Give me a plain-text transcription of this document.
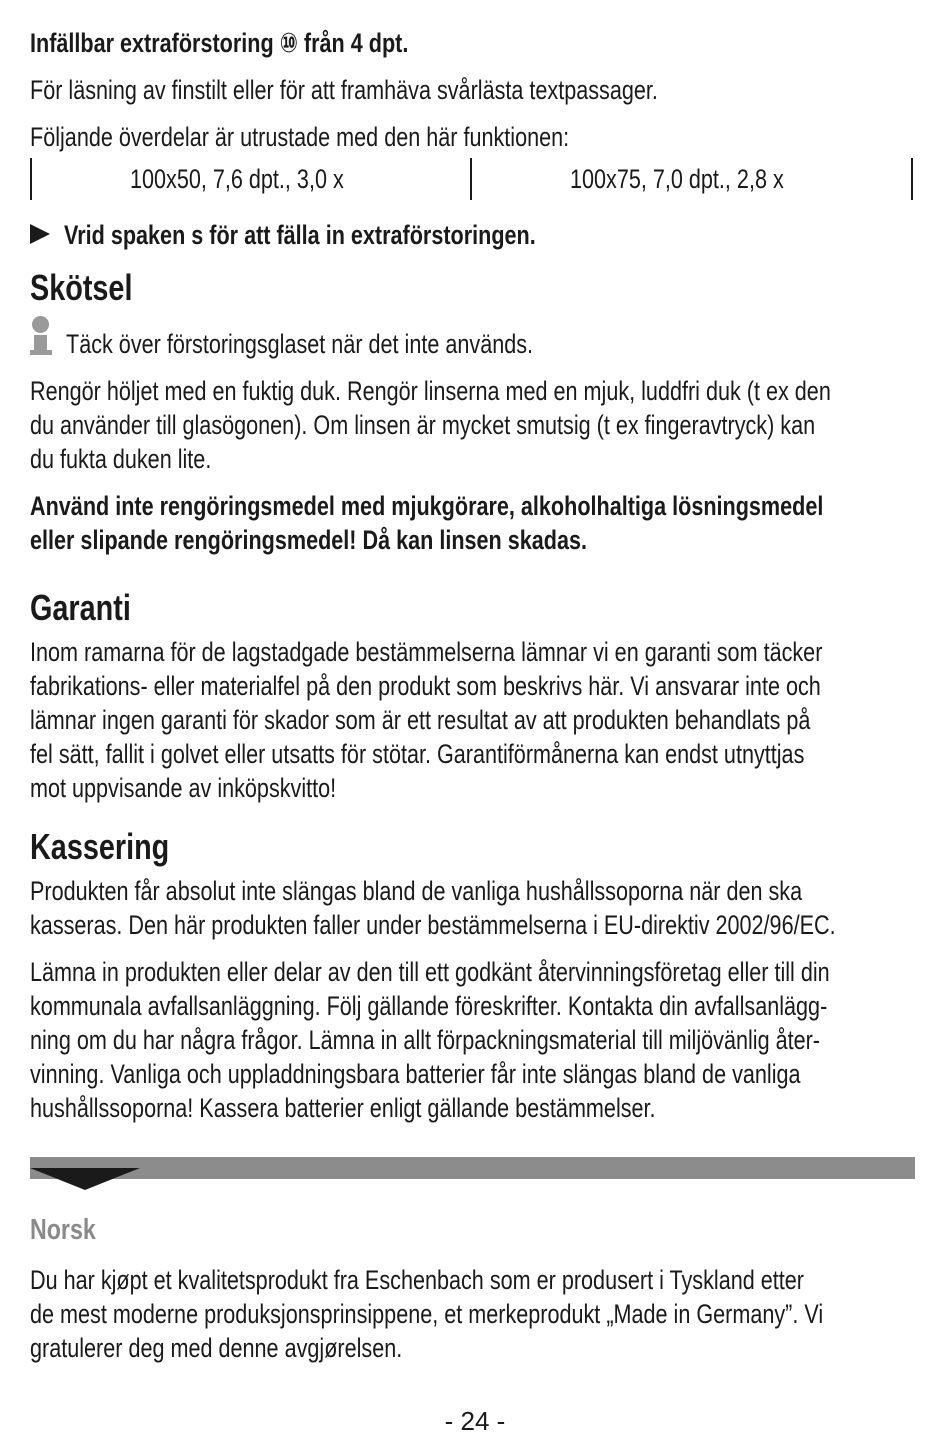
Infällbar extraförstoring ⑩ från 4 dpt.
För läsning av finstilt eller för att framhäva svårlästa textpassager.
Följande överdelar är utrustade med den här funktionen:
100x50, 7,6 dpt., 3,0 x	100x75, 7,0 dpt., 2,8 x
Vrid spaken s för att fälla in extraförstoringen.
Skötsel
Täck över förstoringsglaset när det inte används.
Rengör höljet med en fuktig duk. Rengör linserna med en mjuk, luddfri duk (t ex den
du använder till glasögonen). Om linsen är mycket smutsig (t ex fingeravtryck) kan
du fukta duken lite.
Använd inte rengöringsmedel med mjukgörare, alkoholhaltiga lösningsmedel
eller slipande rengöringsmedel! Då kan linsen skadas.
Garanti
Inom ramarna för de lagstadgade bestämmelserna lämnar vi en garanti som täcker
fabrikations- eller materialfel på den produkt som beskrivs här. Vi ansvarar inte och
lämnar ingen garanti för skador som är ett resultat av att produkten behandlats på
fel sätt, fallit i golvet eller utsatts för stötar. Garantiförmånerna kan endst utnyttjas
mot uppvisande av inköpskvitto!
Kassering
Produkten får absolut inte slängas bland de vanliga hushållssoporna när den ska
kasseras. Den här produkten faller under bestämmelserna i EU-direktiv 2002/96/EC.
Lämna in produkten eller delar av den till ett godkänt återvinningsföretag eller till din
kommunala avfallsanläggning. Följ gällande föreskrifter. Kontakta din avfallsanlägg-
ning om du har några frågor. Lämna in allt förpackningsmaterial till miljövänlig åter-
vinning. Vanliga och uppladdningsbara batterier får inte slängas bland de vanliga
hushållssoporna! Kassera batterier enligt gällande bestämmelser.
Norsk
Du har kjøpt et kvalitetsprodukt fra Eschenbach som er produsert i Tyskland etter
de mest moderne produksjonsprinsippene, et merkeprodukt „Made in Germany”. Vi
gratulerer deg med denne avgjørelsen.
- 24 -
